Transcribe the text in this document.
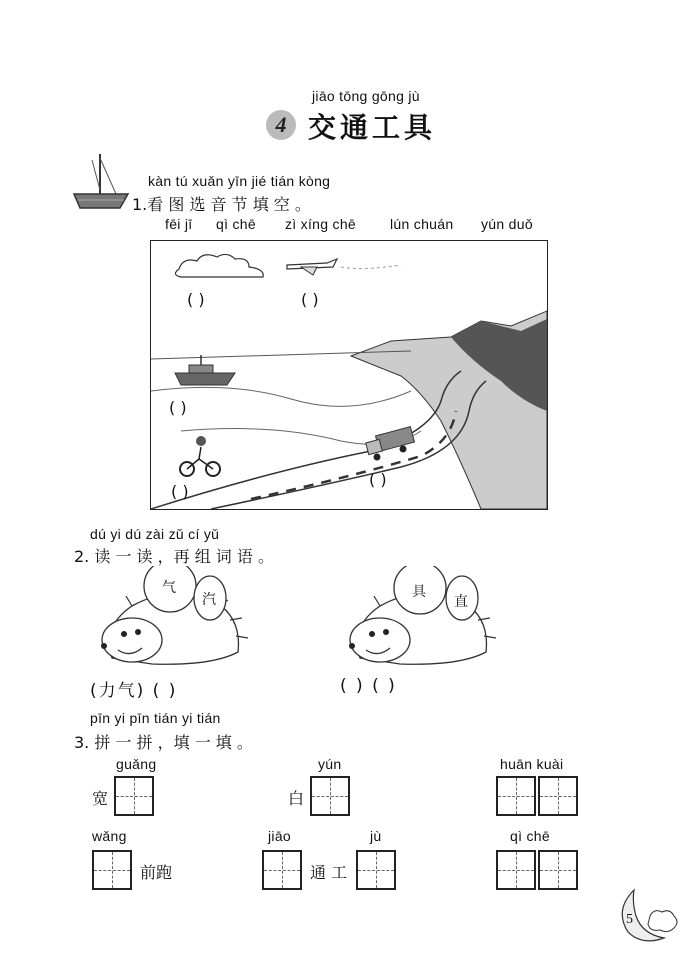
jiāo tōng gōng jù
4 交通工具
kàn tú xuǎn yīn jié tián kòng
1.看 图 选 音 节 填 空 。
fēi jī qì chē zì xíng chē lún chuán yún duǒ
( )	( )
( )
( )
( )
dú yi dú zài zǔ cí yǔ
2. 读 一 读 ，再 组 词 语 。
气
汽
(力气) ( )
具
直
( ) ( )
pīn yi pīn tián yi tián
3. 拼 一 拼 ，填 一 填 。
guǎng
宽
yún
白
huān kuài
wǎng
前跑
jiāo
通 工
jù	qì chē
5
